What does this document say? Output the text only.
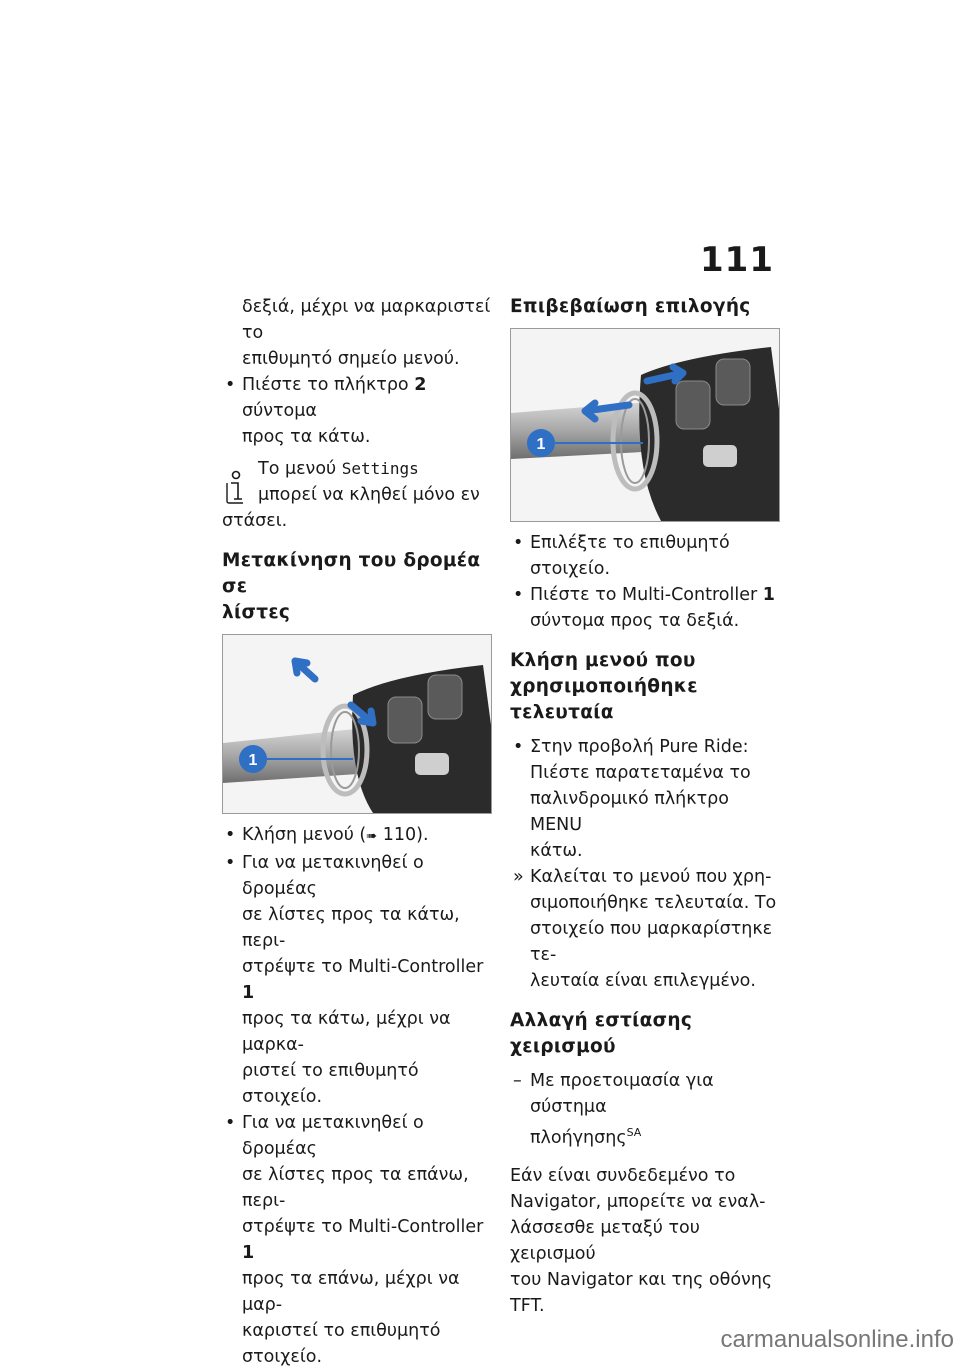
111

δεξιά, μέχρι να μαρκαριστεί το
επιθυμητό σημείο μενού.

• Πιέστε το πλήκτρο 2 σύντομα
προς τα κάτω.

Το μενού Settings
μπορεί να κληθεί μόνο εν

στάσει.
Μετακίνηση του δρομέα σε
λίστες
1

• Κλήση μενού (➠ 110).

• Για να μετακινηθεί ο δρομέας
σε λίστες προς τα κάτω, περι-
στρέψτε το Multi-Controller 1
προς τα κάτω, μέχρι να μαρκα-
ριστεί το επιθυμητό στοιχείο.

• Για να μετακινηθεί ο δρομέας
σε λίστες προς τα επάνω, περι-
στρέψτε το Multi-Controller 1
προς τα επάνω, μέχρι να μαρ-
καριστεί το επιθυμητό στοιχείο.

Επιβεβαίωση επιλογής
1

• Επιλέξτε το επιθυμητό στοιχείο.

• Πιέστε το Multi-Controller 1
σύντομα προς τα δεξιά.

Κλήση μενού που
χρησιμοποιήθηκε τελευταία

• Στην προβολή Pure Ride:
Πιέστε παρατεταμένα το
παλινδρομικό πλήκτρο MENU
κάτω.

» Καλείται το μενού που χρη-
σιμοποιήθηκε τελευταία. Το
στοιχείο που μαρκαρίστηκε τε-
λευταία είναι επιλεγμένο.

Αλλαγή εστίασης χειρισμού

– Με προετοιμασία για σύστημα
πλοήγησης$^{SA}$

Εάν είναι συνδεδεμένο το
Navigator, μπορείτε να εναλ-
λάσσεσθε μεταξύ του χειρισμού
του Navigator και της οθόνης
TFT.

carmanualsonline.info
